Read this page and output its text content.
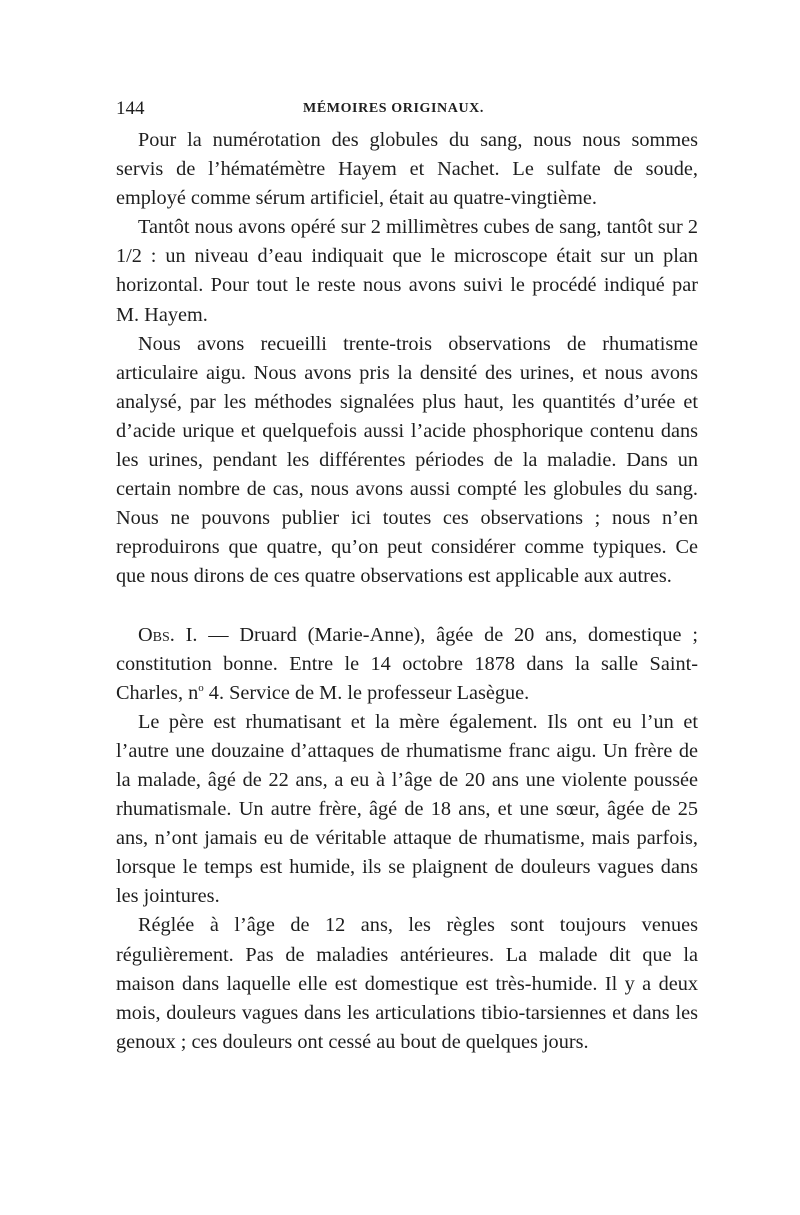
144	MÉMOIRES ORIGINAUX.

Pour la numérotation des globules du sang, nous nous sommes servis de l’hématémètre Hayem et Nachet. Le sulfate de soude, employé comme sérum artificiel, était au quatre-vingtième.

Tantôt nous avons opéré sur 2 millimètres cubes de sang, tantôt sur 2 1/2 : un niveau d’eau indiquait que le microscope était sur un plan horizontal. Pour tout le reste nous avons suivi le procédé indiqué par M. Hayem.

Nous avons recueilli trente-trois observations de rhumatisme articulaire aigu. Nous avons pris la densité des urines, et nous avons analysé, par les méthodes signalées plus haut, les quantités d’urée et d’acide urique et quelquefois aussi l’acide phosphorique contenu dans les urines, pendant les différentes périodes de la maladie. Dans un certain nombre de cas, nous avons aussi compté les globules du sang. Nous ne pouvons publier ici toutes ces observations ; nous n’en reproduirons que quatre, qu’on peut considérer comme typiques. Ce que nous dirons de ces quatre observations est applicable aux autres.

Obs. I. — Druard (Marie-Anne), âgée de 20 ans, domestique ; constitution bonne. Entre le 14 octobre 1878 dans la salle Saint-Charles, $n^o$ 4. Service de M. le professeur Lasègue.

Le père est rhumatisant et la mère également. Ils ont eu l’un et l’autre une douzaine d’attaques de rhumatisme franc aigu. Un frère de la malade, âgé de 22 ans, a eu à l’âge de 20 ans une violente poussée rhumatismale. Un autre frère, âgé de 18 ans, et une sœur, âgée de 25 ans, n’ont jamais eu de véritable attaque de rhumatisme, mais parfois, lorsque le temps est humide, ils se plaignent de douleurs vagues dans les jointures.

Réglée à l’âge de 12 ans, les règles sont toujours venues régulièrement. Pas de maladies antérieures. La malade dit que la maison dans laquelle elle est domestique est très-humide. Il y a deux mois, douleurs vagues dans les articulations tibio-tarsiennes et dans les genoux ; ces douleurs ont cessé au bout de quelques jours.
